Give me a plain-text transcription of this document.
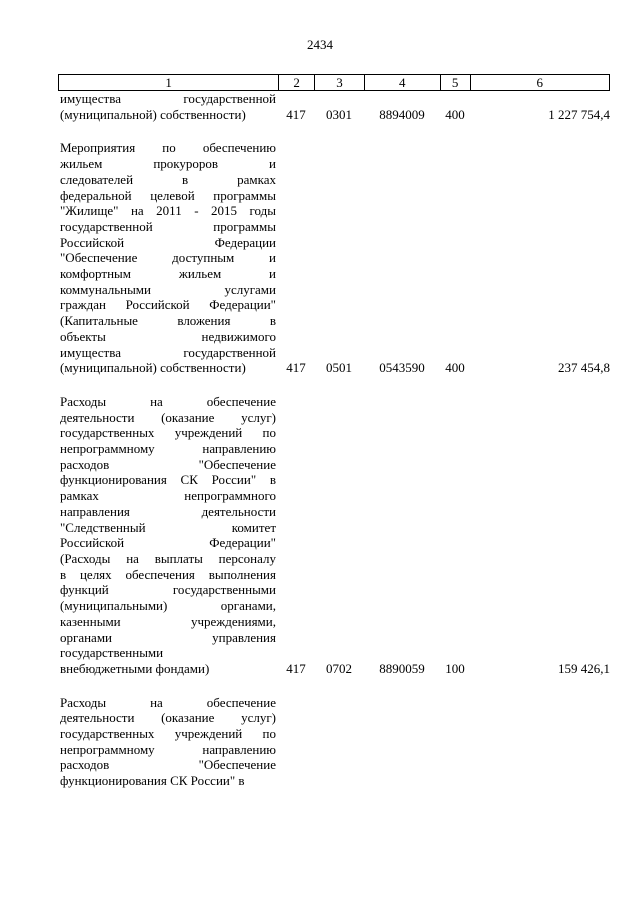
2434
1	2	3	4	5	6
имущества государственной
(муниципальной) собственности)	417	0301	8894009	400	1 227 754,4
Мероприятия по обеспечению
жильем прокуроров и
следователей в рамках
федеральной целевой программы
"Жилище" на 2011 - 2015 годы
государственной программы
Российской Федерации
"Обеспечение доступным и
комфортным жильем и
коммунальными услугами
граждан Российской Федерации"
(Капитальные вложения в
объекты недвижимого
имущества государственной
(муниципальной) собственности)	417	0501	0543590	400	237 454,8
Расходы на обеспечение
деятельности (оказание услуг)
государственных учреждений по
непрограммному направлению
расходов "Обеспечение
функционирования СК России" в
рамках непрограммного
направления деятельности
"Следственный комитет
Российской Федерации"
(Расходы на выплаты персоналу
в целях обеспечения выполнения
функций государственными
(муниципальными) органами,
казенными учреждениями,
органами управления
государственными
внебюджетными фондами)	417	0702	8890059	100	159 426,1
Расходы на обеспечение
деятельности (оказание услуг)
государственных учреждений по
непрограммному направлению
расходов "Обеспечение
функционирования СК России" в
